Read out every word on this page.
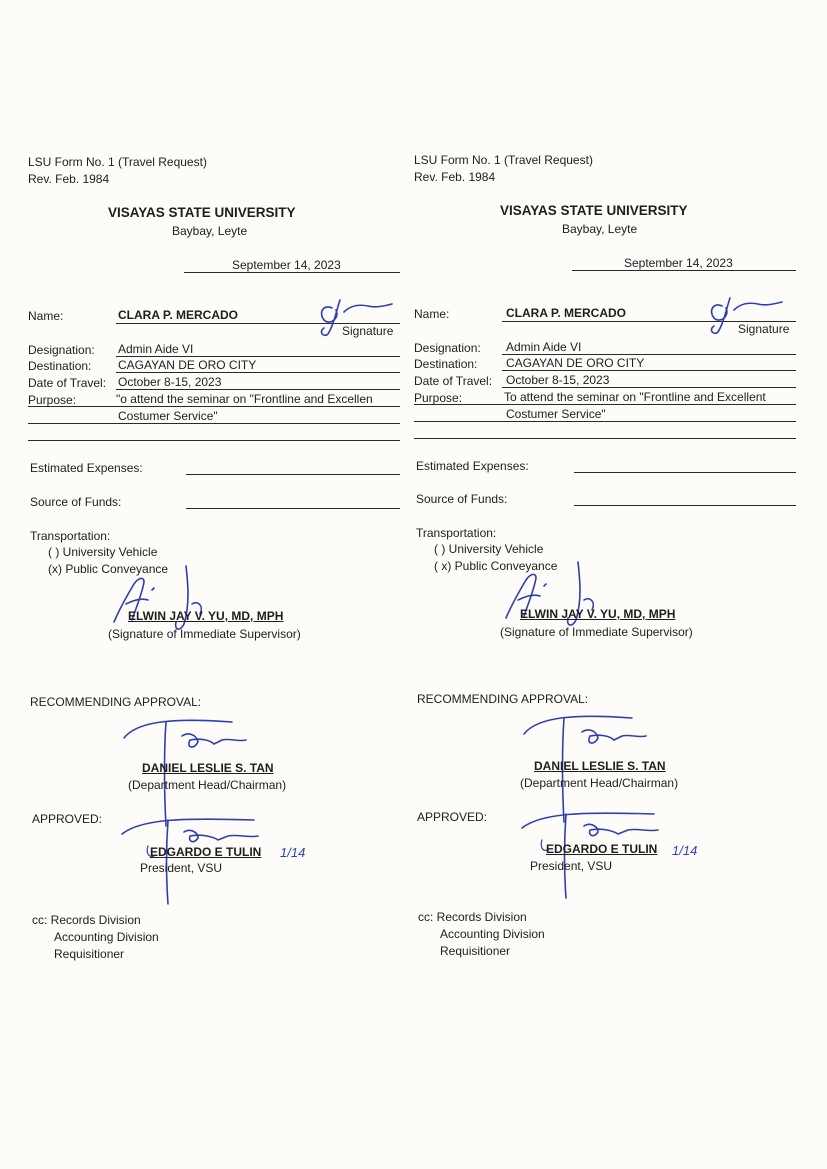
LSU Form No. 1 (Travel Request)
Rev. Feb. 1984
VISAYAS STATE UNIVERSITY
Baybay, Leyte
September 14, 2023
Name:	CLARA P. MERCADO
Signature
Designation: Admin Aide VI
Destination: CAGAYAN DE ORO CITY
Date of Travel: October 8-15, 2023
Purpose:	"o attend the seminar on "Frontline and Excellen
Costumer Service"
Estimated Expenses:
Source of Funds:
Transportation:
( ) University Vehicle
(x) Public Conveyance
ELWIN JAY V. YU, MD, MPH
(Signature of Immediate Supervisor)
RECOMMENDING APPROVAL:
DANIEL LESLIE S. TAN
(Department Head/Chairman)
APPROVED:
EDGARDO E TULIN 1/14
President, VSU
cc: Records Division
Accounting Division
Requisitioner
LSU Form No. 1 (Travel Request)
Rev. Feb. 1984
VISAYAS STATE UNIVERSITY
Baybay, Leyte
September 14, 2023
Name:	CLARA P. MERCADO
Signature
Designation: Admin Aide VI
Destination: CAGAYAN DE ORO CITY
Date of Travel: October 8-15, 2023
Purpose:	To attend the seminar on "Frontline and Excellent
Costumer Service"
Estimated Expenses:
Source of Funds:
Transportation:
( ) University Vehicle
( x) Public Conveyance
ELWIN JAY V. YU, MD, MPH
(Signature of Immediate Supervisor)
RECOMMENDING APPROVAL:
DANIEL LESLIE S. TAN
(Department Head/Chairman)
APPROVED:
EDGARDO E TULIN 1/14
President, VSU
cc: Records Division
Accounting Division
Requisitioner
